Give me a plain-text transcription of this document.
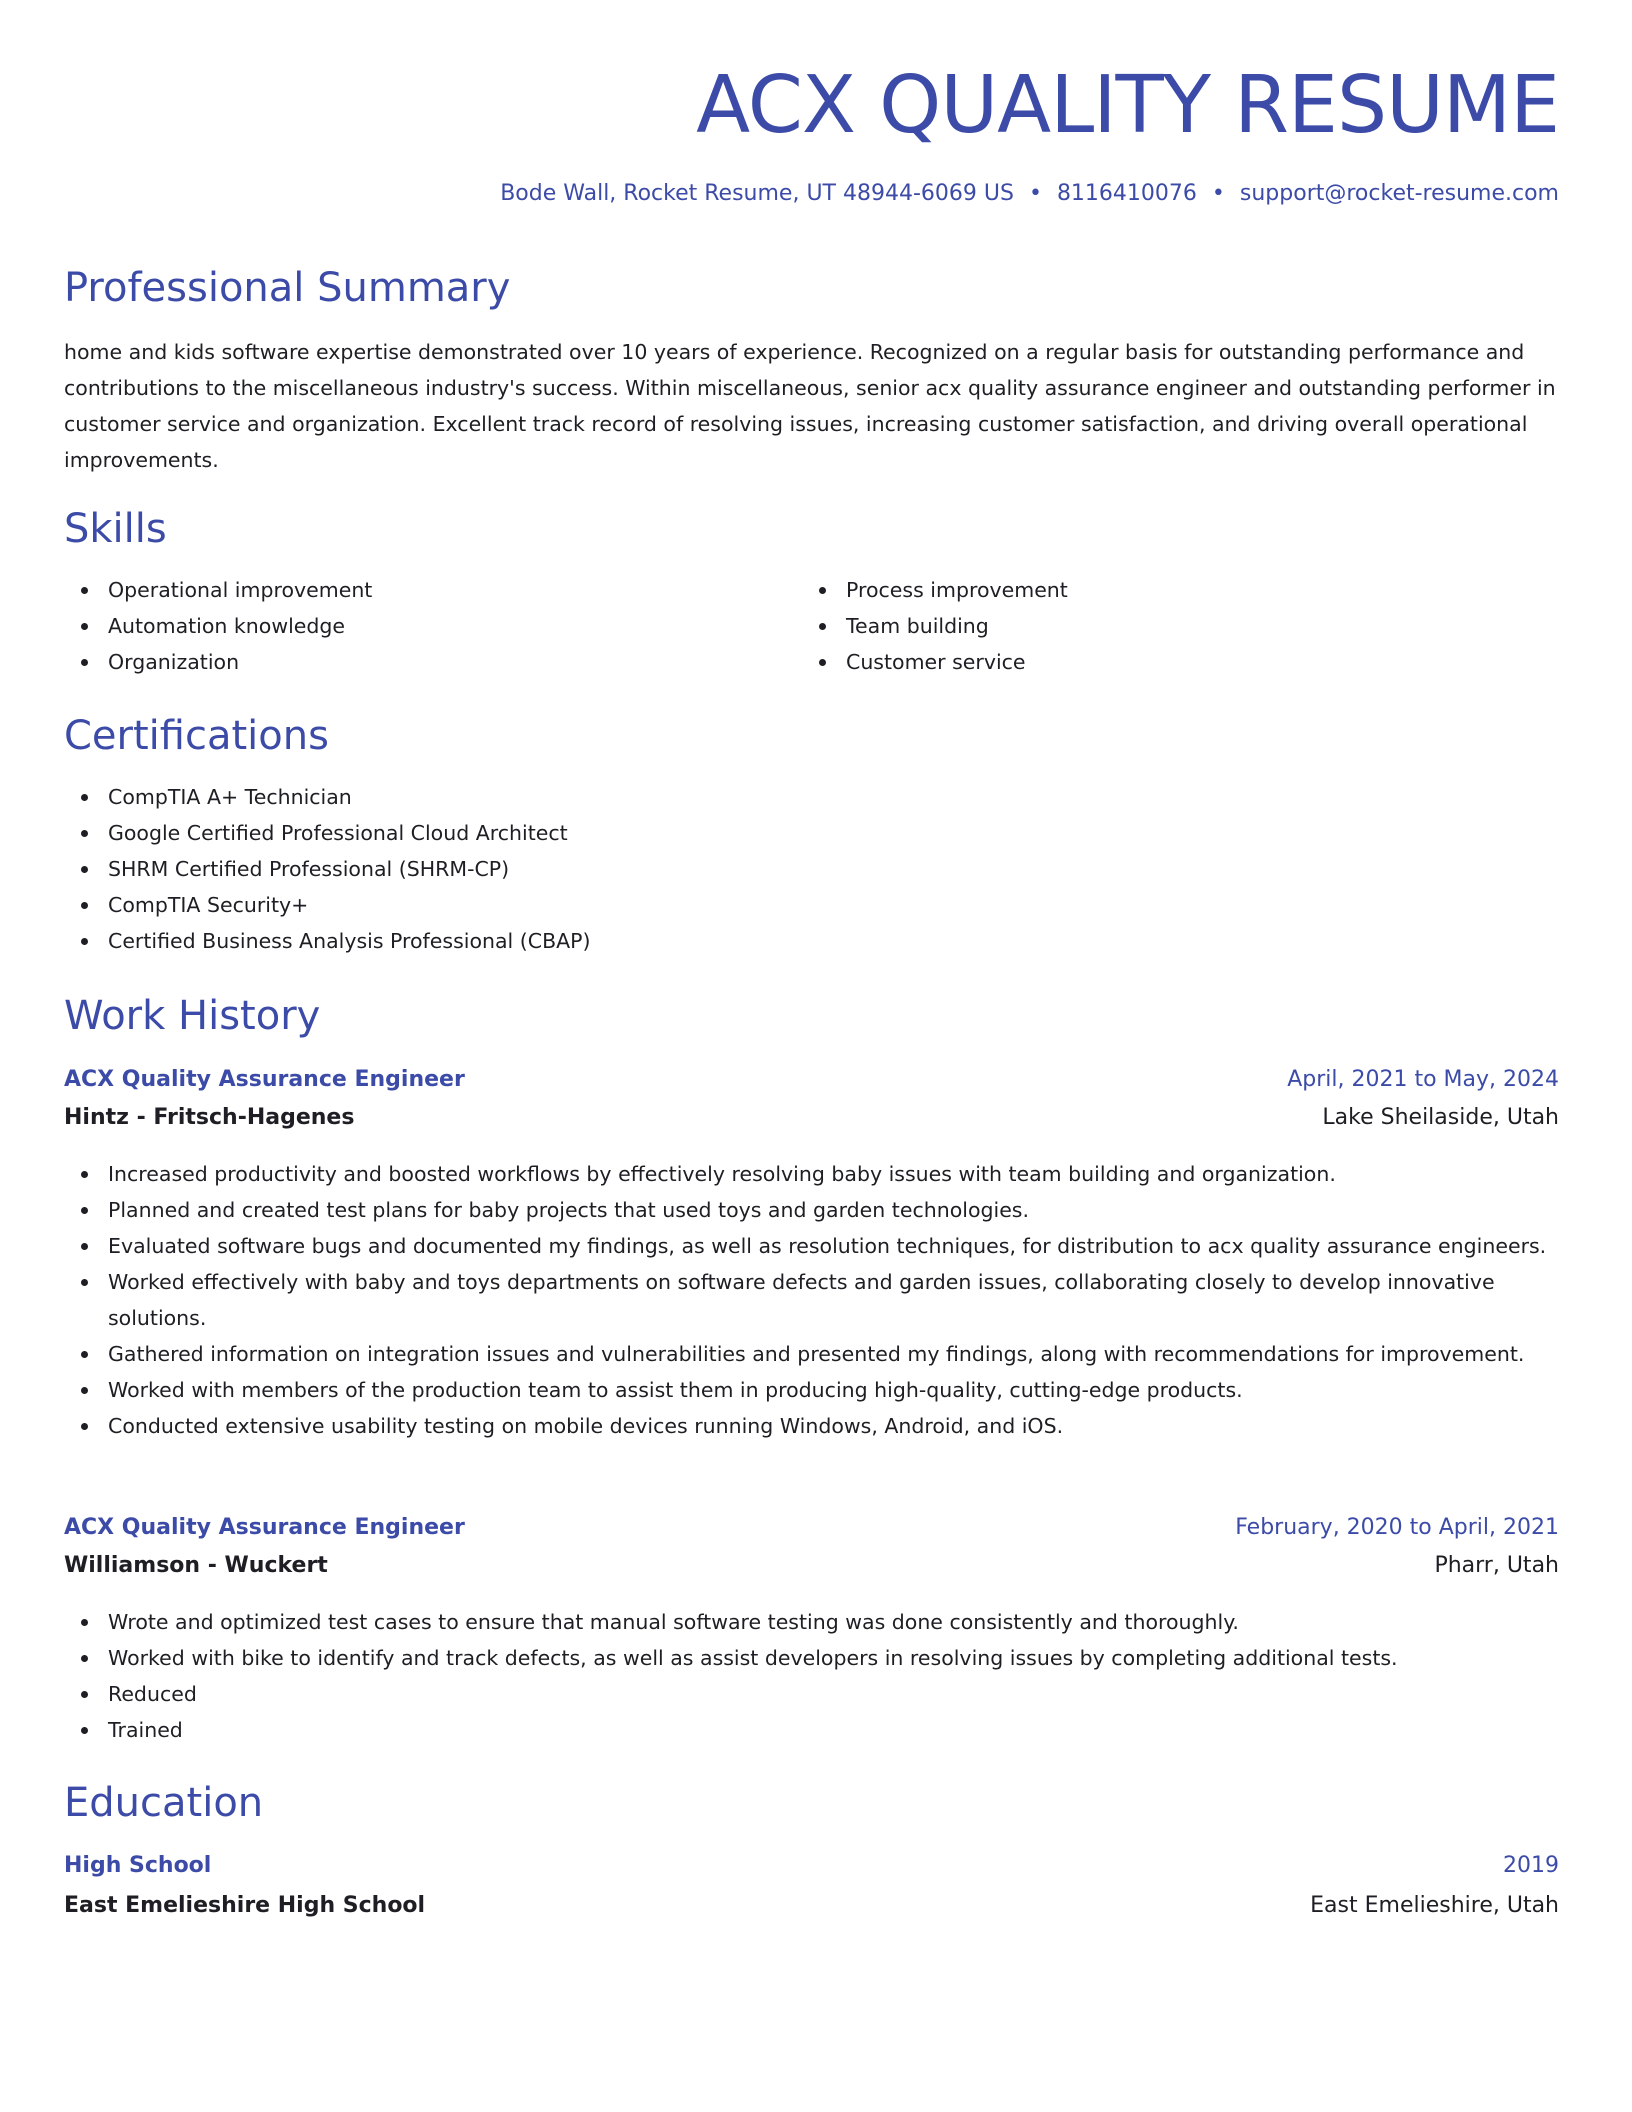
ACX QUALITY RESUME
Bode Wall, Rocket Resume, UT 48944-6069 US • 8116410076 • support@rocket-resume.com
Professional Summary
home and kids software expertise demonstrated over 10 years of experience. Recognized on a regular basis for outstanding performance and contributions to the miscellaneous industry's success. Within miscellaneous, senior acx quality assurance engineer and outstanding performer in customer service and organization. Excellent track record of resolving issues, increasing customer satisfaction, and driving overall operational improvements.
Skills
Operational improvement
Automation knowledge
Organization
Process improvement
Team building
Customer service
Certifications
CompTIA A+ Technician
Google Certified Professional Cloud Architect
SHRM Certified Professional (SHRM-CP)
CompTIA Security+
Certified Business Analysis Professional (CBAP)
Work History
ACX Quality Assurance Engineer	April, 2021 to May, 2024
Hintz - Fritsch-Hagenes	Lake Sheilaside, Utah
Increased productivity and boosted workflows by effectively resolving baby issues with team building and organization.
Planned and created test plans for baby projects that used toys and garden technologies.
Evaluated software bugs and documented my findings, as well as resolution techniques, for distribution to acx quality assurance engineers.
Worked effectively with baby and toys departments on software defects and garden issues, collaborating closely to develop innovative solutions.
Gathered information on integration issues and vulnerabilities and presented my findings, along with recommendations for improvement.
Worked with members of the production team to assist them in producing high-quality, cutting-edge products.
Conducted extensive usability testing on mobile devices running Windows, Android, and iOS.
ACX Quality Assurance Engineer	February, 2020 to April, 2021
Williamson - Wuckert	Pharr, Utah
Wrote and optimized test cases to ensure that manual software testing was done consistently and thoroughly.
Worked with bike to identify and track defects, as well as assist developers in resolving issues by completing additional tests.
Reduced
Trained
Education
High School	2019
East Emelieshire High School	East Emelieshire, Utah
